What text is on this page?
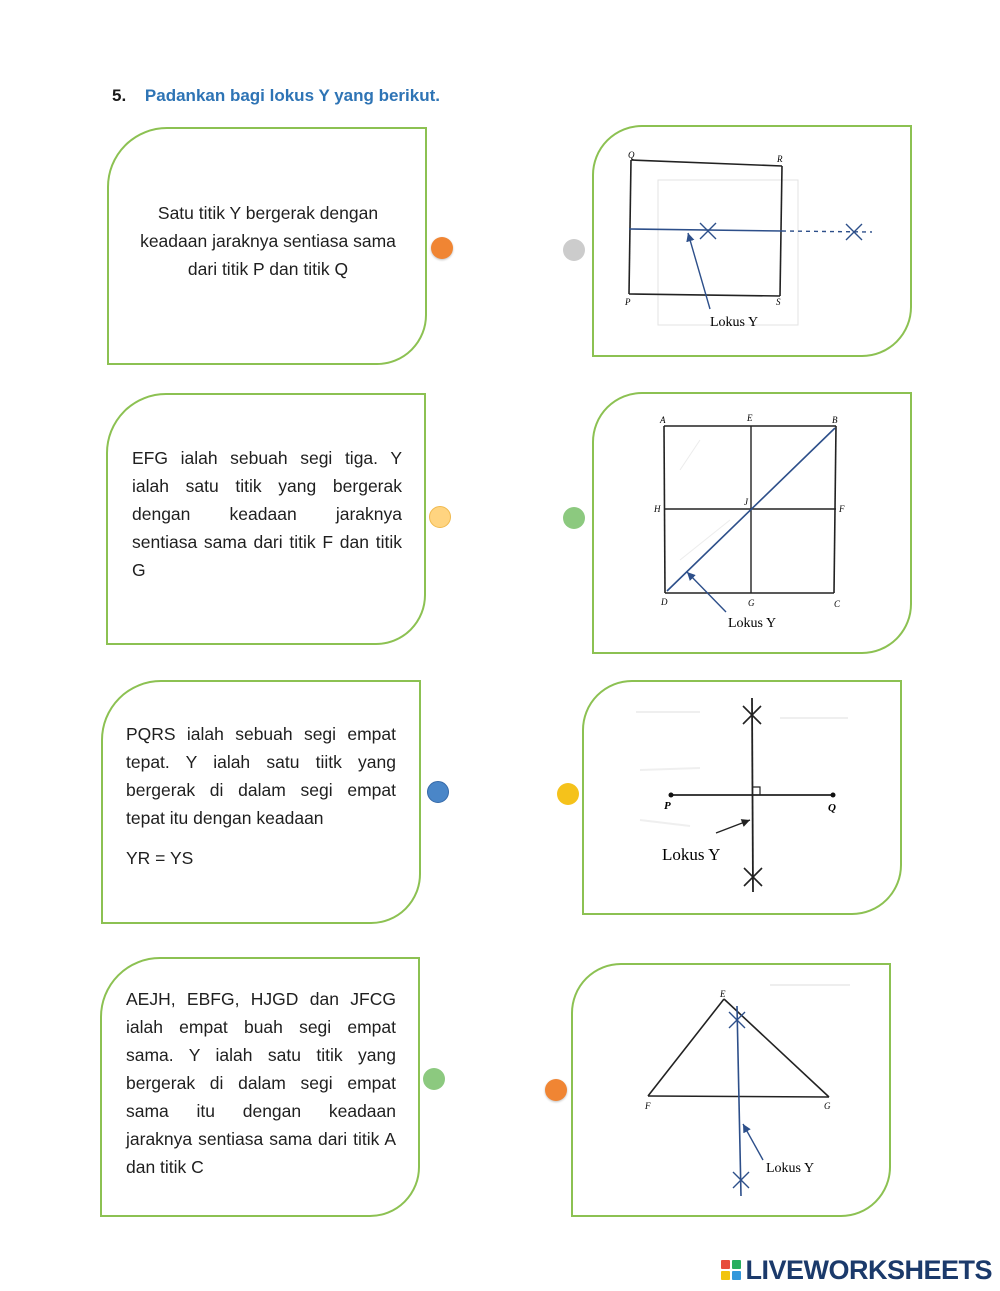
5. Padankan bagi lokus Y yang berikut.
Satu titik Y bergerak dengan keadaan jaraknya sentiasa sama dari titik P dan titik Q
EFG ialah sebuah segi tiga. Y ialah satu titik yang bergerak dengan keadaan jaraknya sentiasa sama dari titik F dan titik G

PQRS ialah sebuah segi empat tepat. Y ialah satu tiitk yang bergerak di dalam segi empat tepat itu dengan keadaan

YR = YS

AEJH, EBFG, HJGD dan JFCG ialah empat buah segi empat sama. Y ialah satu titik yang bergerak di dalam segi empat sama itu dengan keadaan jaraknya sentiasa sama dari titik A dan titik C
Q	R
P	S
Lokus Y
A	E	B
H
J
F
D	G	C
Lokus Y
P	Q
Lokus Y
E
F	G
Lokus Y
LIVEWORKSHEETS
